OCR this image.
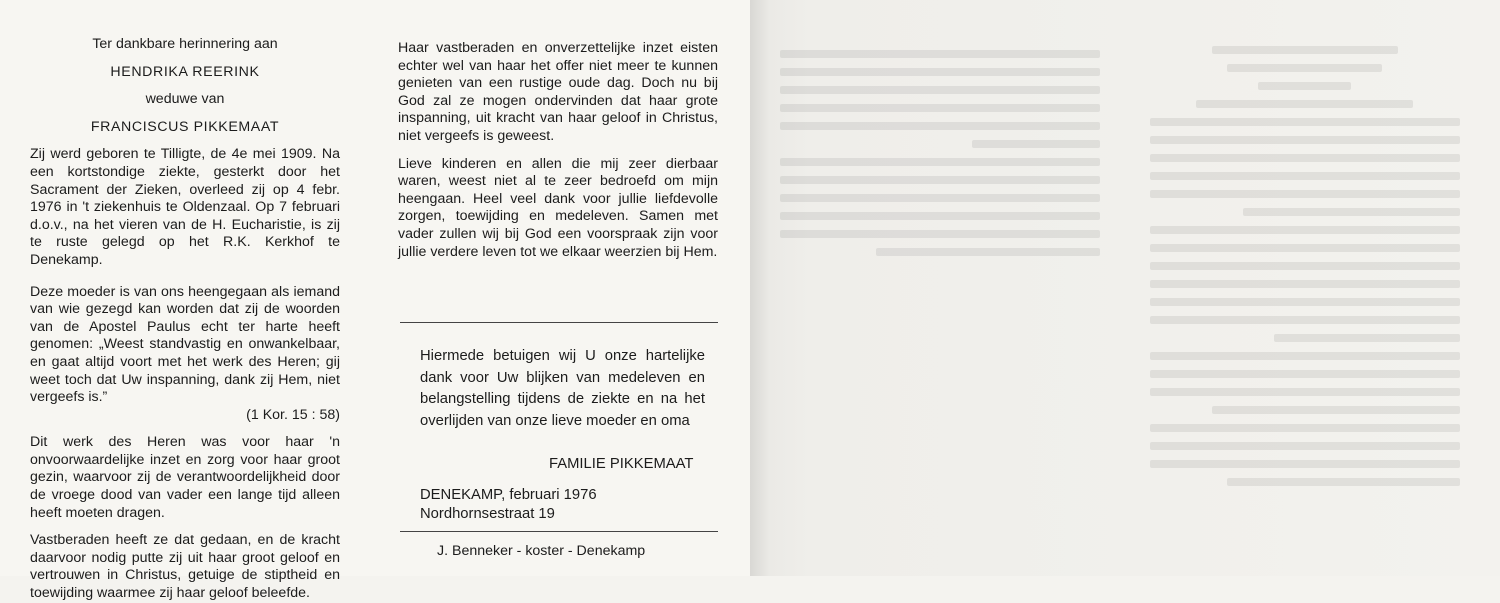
Ter dankbare herinnering aan
HENDRIKA REERINK
weduwe van
FRANCISCUS PIKKEMAAT

Zij werd geboren te Tilligte, de 4e mei 1909. Na een kortstondige ziekte, gesterkt door het Sacrament der Zieken, overleed zij op 4 febr. 1976 in 't ziekenhuis te Oldenzaal. Op 7 februari d.o.v., na het vieren van de H. Eucharistie, is zij te ruste gelegd op het R.K. Kerkhof te Denekamp.

Deze moeder is van ons heengegaan als iemand van wie gezegd kan worden dat zij de woorden van de Apostel Paulus echt ter harte heeft genomen: „Weest standvastig en onwankelbaar, en gaat altijd voort met het werk des Heren; gij weet toch dat Uw inspanning, dank zij Hem, niet vergeefs is.”

(1 Kor. 15 : 58)

Dit werk des Heren was voor haar 'n onvoorwaardelijke inzet en zorg voor haar groot gezin, waarvoor zij de verantwoordelijkheid door de vroege dood van vader een lange tijd alleen heeft moeten dragen.

Vastberaden heeft ze dat gedaan, en de kracht daarvoor nodig putte zij uit haar groot geloof en vertrouwen in Christus, getuige de stiptheid en toewijding waarmee zij haar geloof beleefde.

Haar vastberaden en onverzettelijke inzet eisten echter wel van haar het offer niet meer te kunnen genieten van een rustige oude dag. Doch nu bij God zal ze mogen ondervinden dat haar grote inspanning, uit kracht van haar geloof in Christus, niet vergeefs is geweest.

Lieve kinderen en allen die mij zeer dierbaar waren, weest niet al te zeer bedroefd om mijn heengaan. Heel veel dank voor jullie liefdevolle zorgen, toewijding en medeleven. Samen met vader zullen wij bij God een voorspraak zijn voor jullie verdere leven tot we elkaar weerzien bij Hem.

Hiermede betuigen wij U onze hartelijke dank voor Uw blijken van medeleven en belangstelling tijdens de ziekte en na het overlijden van onze lieve moeder en oma
FAMILIE PIKKEMAAT
DENEKAMP, februari 1976
Nordhornsestraat 19
J. Benneker - koster - Denekamp
